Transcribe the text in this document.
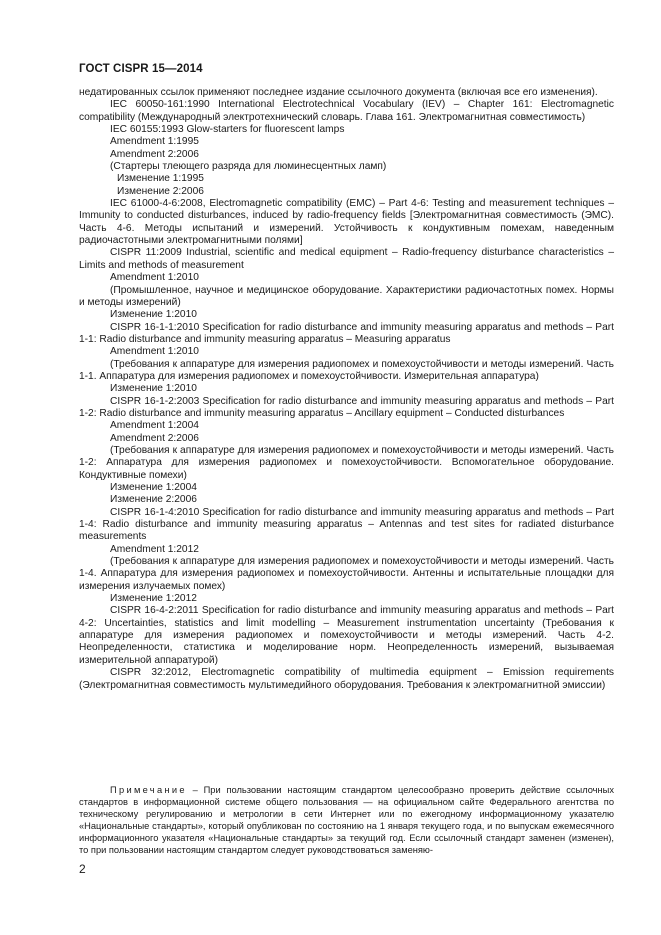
ГОСТ CISPR 15—2014

недатированных ссылок применяют последнее издание ссылочного документа (включая все его изменения).

IEC 60050-161:1990 International Electrotechnical Vocabulary (IEV) – Chapter 161: Electromagnetic compatibility (Международный электротехнический словарь. Глава 161. Электромагнитная совместимость)

IEC 60155:1993 Glow-starters for fluorescent lamps

Amendment 1:1995

Amendment 2:2006

(Стартеры тлеющего разряда для люминесцентных ламп)

Изменение 1:1995

Изменение 2:2006

IEC 61000-4-6:2008, Electromagnetic compatibility (EMC) – Part 4-6: Testing and measurement techniques – Immunity to conducted disturbances, induced by radio-frequency fields [Электромагнитная совместимость (ЭМС). Часть 4-6. Методы испытаний и измерений. Устойчивость к кондуктивным помехам, наведенным радиочастотными электромагнитными полями]

CISPR 11:2009 Industrial, scientific and medical equipment – Radio-frequency disturbance characteristics – Limits and methods of measurement

Amendment 1:2010

(Промышленное, научное и медицинское оборудование. Характеристики радиочастотных помех. Нормы и методы измерений)

Изменение 1:2010

CISPR 16-1-1:2010 Specification for radio disturbance and immunity measuring apparatus and methods – Part 1-1: Radio disturbance and immunity measuring apparatus – Measuring apparatus

Amendment 1:2010

(Требования к аппаратуре для измерения радиопомех и помехоустойчивости и методы измерений. Часть 1-1. Аппаратура для измерения радиопомех и помехоустойчивости. Измерительная аппаратура)

Изменение 1:2010

CISPR 16-1-2:2003 Specification for radio disturbance and immunity measuring apparatus and methods – Part 1-2: Radio disturbance and immunity measuring apparatus – Ancillary equipment – Conducted disturbances

Amendment 1:2004

Amendment 2:2006

(Требования к аппаратуре для измерения радиопомех и помехоустойчивости и методы измерений. Часть 1-2: Аппаратура для измерения радиопомех и помехоустойчивости. Вспомогательное оборудование. Кондуктивные помехи)

Изменение 1:2004

Изменение 2:2006

CISPR 16-1-4:2010 Specification for radio disturbance and immunity measuring apparatus and methods – Part 1-4: Radio disturbance and immunity measuring apparatus – Antennas and test sites for radiated disturbance measurements

Amendment 1:2012

(Требования к аппаратуре для измерения радиопомех и помехоустойчивости и методы измерений. Часть 1-4. Аппаратура для измерения радиопомех и помехоустойчивости. Антенны и испытательные площадки для измерения излучаемых помех)

Изменение 1:2012

CISPR 16-4-2:2011 Specification for radio disturbance and immunity measuring apparatus and methods – Part 4-2: Uncertainties, statistics and limit modelling – Measurement instrumentation uncertainty (Требования к аппаратуре для измерения радиопомех и помехоустойчивости и методы измерений. Часть 4-2. Неопределенности, статистика и моделирование норм. Неопределенность измерений, вызываемая измерительной аппаратурой)

CISPR 32:2012, Electromagnetic compatibility of multimedia equipment – Emission requirements (Электромагнитная совместимость мультимедийного оборудования. Требования к электромагнитной эмиссии)

Примечание – При пользовании настоящим стандартом целесообразно проверить действие ссылочных стандартов в информационной системе общего пользования — на официальном сайте Федерального агентства по техническому регулированию и метрологии в сети Интернет или по ежегодному информационному указателю «Национальные стандарты», который опубликован по состоянию на 1 января текущего года, и по выпускам ежемесячного информационного указателя «Национальные стандарты» за текущий год. Если ссылочный стандарт заменен (изменен), то при пользовании настоящим стандартом следует руководствоваться заменяю-

2
